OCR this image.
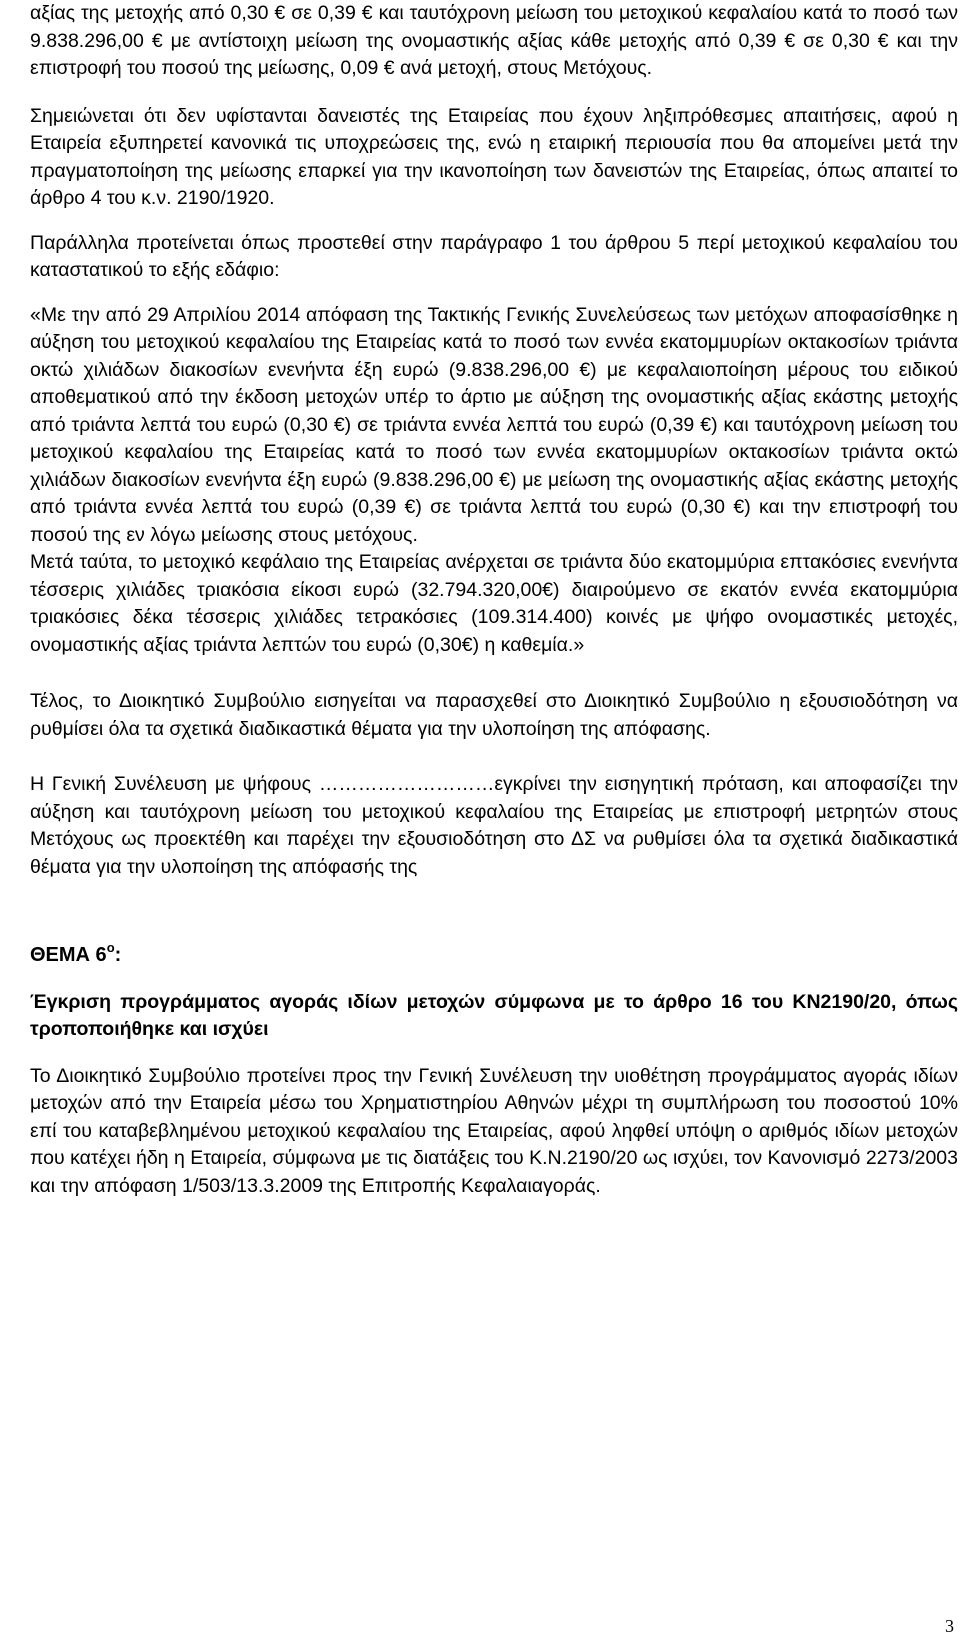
αξίας της μετοχής από 0,30 € σε 0,39 € και ταυτόχρονη μείωση του μετοχικού κεφαλαίου κατά το ποσό των 9.838.296,00 € με αντίστοιχη μείωση της ονομαστικής αξίας κάθε μετοχής από 0,39 € σε 0,30 € και την επιστροφή του ποσού της μείωσης, 0,09 € ανά μετοχή, στους Μετόχους.

Σημειώνεται ότι δεν υφίστανται δανειστές της Εταιρείας που έχουν ληξιπρόθεσμες απαιτήσεις, αφού η Εταιρεία εξυπηρετεί κανονικά τις υποχρεώσεις της, ενώ η εταιρική περιουσία που θα απομείνει μετά την πραγματοποίηση της μείωσης επαρκεί για την ικανοποίηση των δανειστών της Εταιρείας, όπως απαιτεί το άρθρο 4 του κ.ν. 2190/1920.

Παράλληλα προτείνεται όπως προστεθεί στην παράγραφο 1 του άρθρου 5 περί μετοχικού κεφαλαίου του καταστατικού το εξής εδάφιο:

«Με την από 29 Απριλίου 2014 απόφαση της Τακτικής Γενικής Συνελεύσεως των μετόχων αποφασίσθηκε η αύξηση του μετοχικού κεφαλαίου της Εταιρείας κατά το ποσό των εννέα εκατομμυρίων οκτακοσίων τριάντα οκτώ χιλιάδων διακοσίων ενενήντα έξη ευρώ (9.838.296,00 €) με κεφαλαιοποίηση μέρους του ειδικού αποθεματικού από την έκδοση μετοχών υπέρ το άρτιο με αύξηση της ονομαστικής αξίας εκάστης μετοχής από τριάντα λεπτά του ευρώ (0,30 €) σε τριάντα εννέα λεπτά του ευρώ (0,39 €) και ταυτόχρονη μείωση του μετοχικού κεφαλαίου της Εταιρείας κατά το ποσό των εννέα εκατομμυρίων οκτακοσίων τριάντα οκτώ χιλιάδων διακοσίων ενενήντα έξη ευρώ (9.838.296,00 €) με μείωση της ονομαστικής αξίας εκάστης μετοχής από τριάντα εννέα λεπτά του ευρώ (0,39 €) σε τριάντα λεπτά του ευρώ (0,30 €) και την επιστροφή του ποσού της εν λόγω μείωσης στους μετόχους.

Μετά ταύτα, το μετοχικό κεφάλαιο της Εταιρείας ανέρχεται σε τριάντα δύο εκατομμύρια επτακόσιες ενενήντα τέσσερις χιλιάδες τριακόσια είκοσι ευρώ (32.794.320,00€) διαιρούμενο σε εκατόν εννέα εκατομμύρια τριακόσιες δέκα τέσσερις χιλιάδες τετρακόσιες (109.314.400) κοινές με ψήφο ονομαστικές μετοχές, ονομαστικής αξίας τριάντα λεπτών του ευρώ (0,30€) η καθεμία.»

Τέλος, το Διοικητικό Συμβούλιο εισηγείται να παρασχεθεί στο Διοικητικό Συμβούλιο η εξουσιοδότηση να ρυθμίσει όλα τα σχετικά διαδικαστικά θέματα για την υλοποίηση της απόφασης.

Η Γενική Συνέλευση με ψήφους ………………………εγκρίνει την εισηγητική πρόταση, και αποφασίζει την αύξηση και ταυτόχρονη μείωση του μετοχικού κεφαλαίου της Εταιρείας με επιστροφή μετρητών στους Μετόχους ως προεκτέθη και παρέχει την εξουσιοδότηση στο ΔΣ να ρυθμίσει όλα τα σχετικά διαδικαστικά θέματα για την υλοποίηση της απόφασής της

ΘΕΜΑ $6^o$:

Έγκριση προγράμματος αγοράς ιδίων μετοχών σύμφωνα με το άρθρο 16 του ΚΝ2190/20, όπως τροποποιήθηκε και ισχύει

Το Διοικητικό Συμβούλιο προτείνει προς την Γενική Συνέλευση την υιοθέτηση προγράμματος αγοράς ιδίων μετοχών από την Εταιρεία μέσω του Χρηματιστηρίου Αθηνών μέχρι τη συμπλήρωση του ποσοστού 10% επί του καταβεβλημένου μετοχικού κεφαλαίου της Εταιρείας, αφού ληφθεί υπόψη ο αριθμός ιδίων μετοχών που κατέχει ήδη η Εταιρεία, σύμφωνα με τις διατάξεις του Κ.Ν.2190/20 ως ισχύει, τον Κανονισμό 2273/2003 και την απόφαση 1/503/13.3.2009 της Επιτροπής Κεφαλαιαγοράς.

3
